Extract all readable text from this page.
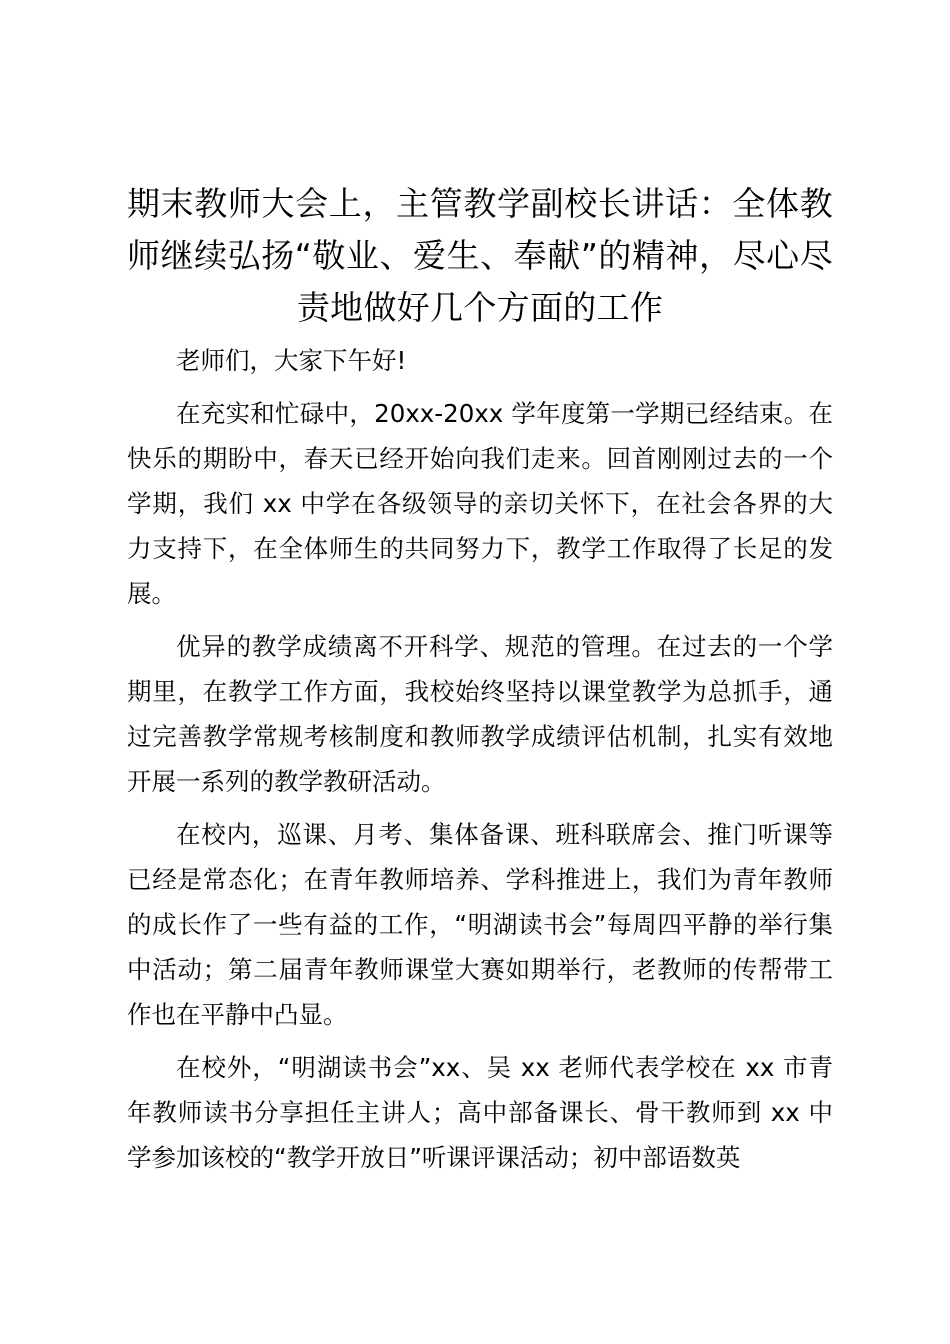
期末教师大会上，主管教学副校长讲话：全体教师继续弘扬“敬业、爱生、奉献”的精神，尽心尽责地做好几个方面的工作

老师们，大家下午好!

在充实和忙碌中，20xx-20xx 学年度第一学期已经结束。在快乐的期盼中，春天已经开始向我们走来。回首刚刚过去的一个学期，我们 xx 中学在各级领导的亲切关怀下，在社会各界的大力支持下，在全体师生的共同努力下，教学工作取得了长足的发展。

优异的教学成绩离不开科学、规范的管理。在过去的一个学期里，在教学工作方面，我校始终坚持以课堂教学为总抓手，通过完善教学常规考核制度和教师教学成绩评估机制，扎实有效地开展一系列的教学教研活动。

在校内，巡课、月考、集体备课、班科联席会、推门听课等已经是常态化；在青年教师培养、学科推进上，我们为青年教师的成长作了一些有益的工作，“明湖读书会”每周四平静的举行集中活动；第二届青年教师课堂大赛如期举行，老教师的传帮带工作也在平静中凸显。

在校外，“明湖读书会”xx、吴 xx 老师代表学校在 xx 市青年教师读书分享担任主讲人；高中部备课长、骨干教师到 xx 中学参加该校的“教学开放日”听课评课活动；初中部语数英
